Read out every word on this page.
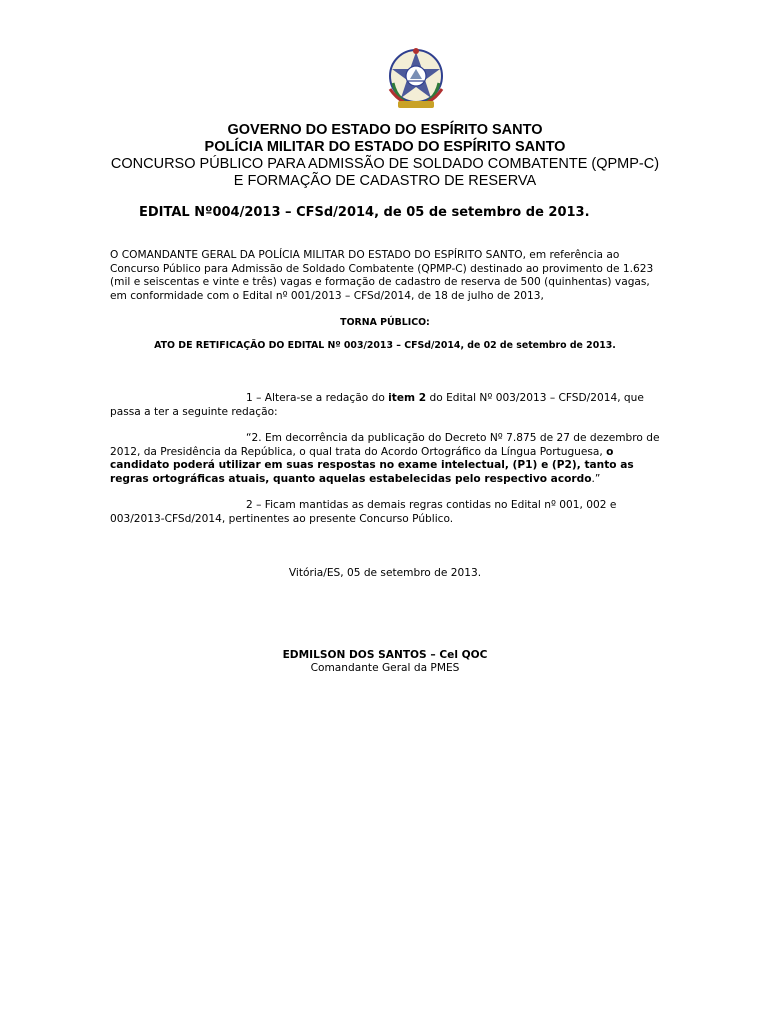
GOVERNO DO ESTADO DO ESPÍRITO SANTO
POLÍCIA MILITAR DO ESTADO DO ESPÍRITO SANTO
CONCURSO PÚBLICO PARA ADMISSÃO DE SOLDADO COMBATENTE (QPMP-C)
E FORMAÇÃO DE CADASTRO DE RESERVA
EDITAL Nº004/2013 – CFSd/2014, de 05 de setembro de 2013.
O COMANDANTE GERAL DA POLÍCIA MILITAR DO ESTADO DO ESPÍRITO SANTO, em referência ao
Concurso Público para Admissão de Soldado Combatente (QPMP-C) destinado ao provimento de 1.623
(mil e seiscentas e vinte e três) vagas e formação de cadastro de reserva de 500 (quinhentas) vagas,
em conformidade com o Edital nº 001/2013 – CFSd/2014, de 18 de julho de 2013,
TORNA PÚBLICO:
ATO DE RETIFICAÇÃO DO EDITAL Nº 003/2013 – CFSd/2014, de 02 de setembro de 2013.
1 – Altera-se a redação do item 2 do Edital Nº 003/2013 – CFSD/2014, que
passa a ter a seguinte redação:
“2. Em decorrência da publicação do Decreto Nº 7.875 de 27 de dezembro de
2012, da Presidência da República, o qual trata do Acordo Ortográfico da Língua Portuguesa, o
candidato poderá utilizar em suas respostas no exame intelectual, (P1) e (P2), tanto as
regras ortográficas atuais, quanto aquelas estabelecidas pelo respectivo acordo.”
2 – Ficam mantidas as demais regras contidas no Edital nº 001, 002 e
003/2013-CFSd/2014, pertinentes ao presente Concurso Público.
Vitória/ES, 05 de setembro de 2013.
EDMILSON DOS SANTOS – Cel QOC
Comandante Geral da PMES
